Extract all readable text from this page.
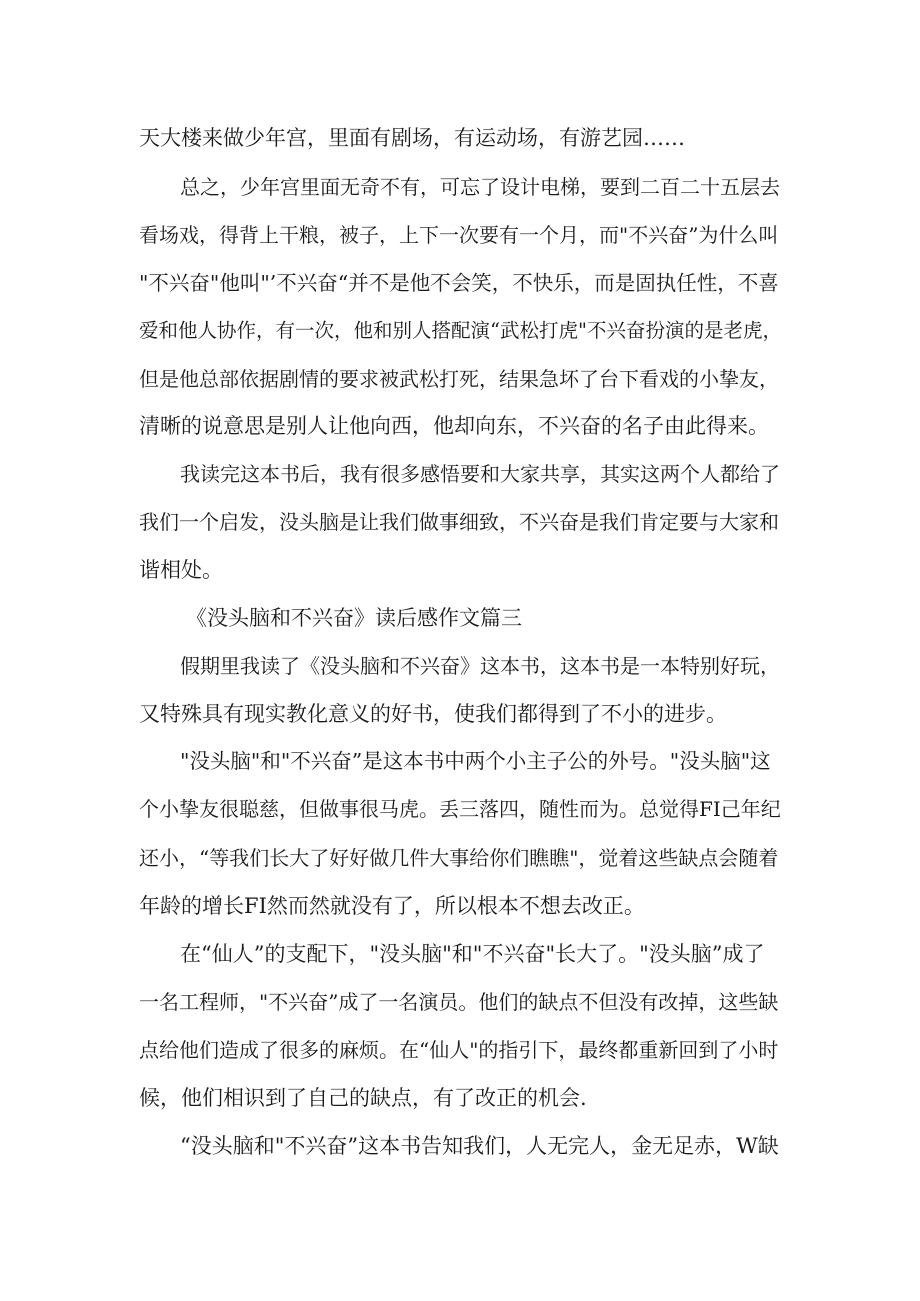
天大楼来做少年宫，里面有剧场，有运动场，有游艺园……
总之，少年宫里面无奇不有，可忘了设计电梯，要到二百二十五层去
看场戏，得背上干粮，被子，上下一次要有一个月，而"不兴奋”为什么叫
"不兴奋"他叫"’不兴奋“并不是他不会笑，不快乐，而是固执任性，不喜
爱和他人协作，有一次，他和别人搭配演“武松打虎"不兴奋扮演的是老虎，
但是他总部依据剧情的要求被武松打死，结果急坏了台下看戏的小挚友，
清晰的说意思是别人让他向西，他却向东，不兴奋的名子由此得来。
我读完这本书后，我有很多感悟要和大家共享，其实这两个人都给了
我们一个启发，没头脑是让我们做事细致，不兴奋是我们肯定要与大家和
谐相处。
《没头脑和不兴奋》读后感作文篇三
假期里我读了《没头脑和不兴奋》这本书，这本书是一本特别好玩，
又特殊具有现实教化意义的好书，使我们都得到了不小的进步。
"没头脑"和"不兴奋”是这本书中两个小主子公的外号。"没头脑"这
个小挚友很聪慈，但做事很马虎。丢三落四，随性而为。总觉得FI己年纪
还小，“等我们长大了好好做几件大事给你们瞧瞧"，觉着这些缺点会随着
年龄的增长FI然而然就没有了，所以根本不想去改正。
在“仙人”的支配下，"没头脑"和"不兴奋"长大了。"没头脑”成了
一名工程师，"不兴奋”成了一名演员。他们的缺点不但没有改掉，这些缺
点给他们造成了很多的麻烦。在“仙人"的指引下，最终都重新回到了小时
候，他们相识到了自己的缺点，有了改正的机会.
“没头脑和"不兴奋”这本书告知我们，人无完人，金无足赤，W缺
